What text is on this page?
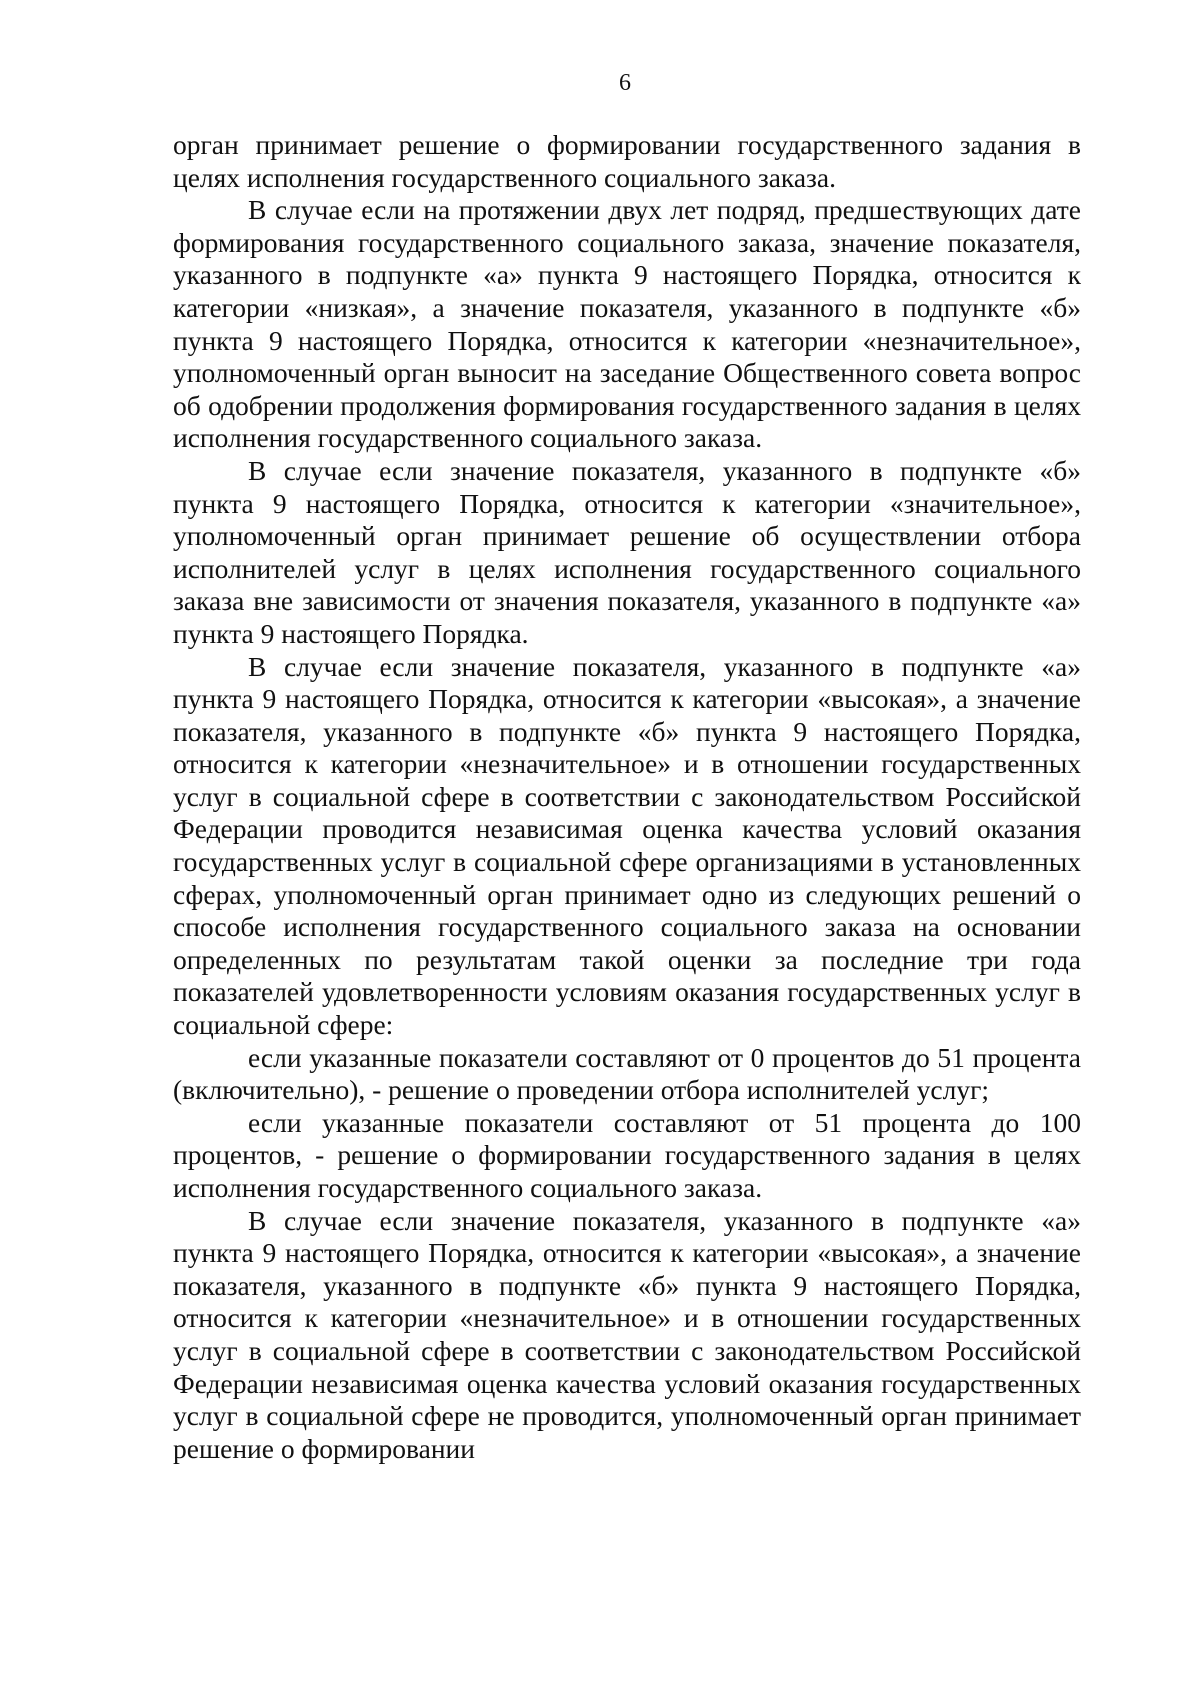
6

орган принимает решение о формировании государственного задания в целях исполнения государственного социального заказа.

В случае если на протяжении двух лет подряд, предшествующих дате формирования государственного социального заказа, значение показателя, указанного в подпункте «а» пункта 9 настоящего Порядка, относится к категории «низкая», а значение показателя, указанного в подпункте «б» пункта 9 настоящего Порядка, относится к категории «незначительное», уполномоченный орган выносит на заседание Общественного совета вопрос об одобрении продолжения формирования государственного задания в целях исполнения государственного социального заказа.

В случае если значение показателя, указанного в подпункте «б» пункта 9 настоящего Порядка, относится к категории «значительное», уполномоченный орган принимает решение об осуществлении отбора исполнителей услуг в целях исполнения государственного социального заказа вне зависимости от значения показателя, указанного в подпункте «а» пункта 9 настоящего Порядка.

В случае если значение показателя, указанного в подпункте «а» пункта 9 настоящего Порядка, относится к категории «высокая», а значение показателя, указанного в подпункте «б» пункта 9 настоящего Порядка, относится к категории «незначительное» и в отношении государственных услуг в социальной сфере в соответствии с законодательством Российской Федерации проводится независимая оценка качества условий оказания государственных услуг в социальной сфере организациями в установленных сферах, уполномоченный орган принимает одно из следующих решений о способе исполнения государственного социального заказа на основании определенных по результатам такой оценки за последние три года показателей удовлетворенности условиям оказания государственных услуг в социальной сфере:

если указанные показатели составляют от 0 процентов до 51 процента (включительно), - решение о проведении отбора исполнителей услуг;

если указанные показатели составляют от 51 процента до 100 процентов, - решение о формировании государственного задания в целях исполнения государственного социального заказа.

В случае если значение показателя, указанного в подпункте «а» пункта 9 настоящего Порядка, относится к категории «высокая», а значение показателя, указанного в подпункте «б» пункта 9 настоящего Порядка, относится к категории «незначительное» и в отношении государственных услуг в социальной сфере в соответствии с законодательством Российской Федерации независимая оценка качества условий оказания государственных услуг в социальной сфере не проводится, уполномоченный орган принимает решение о формировании
